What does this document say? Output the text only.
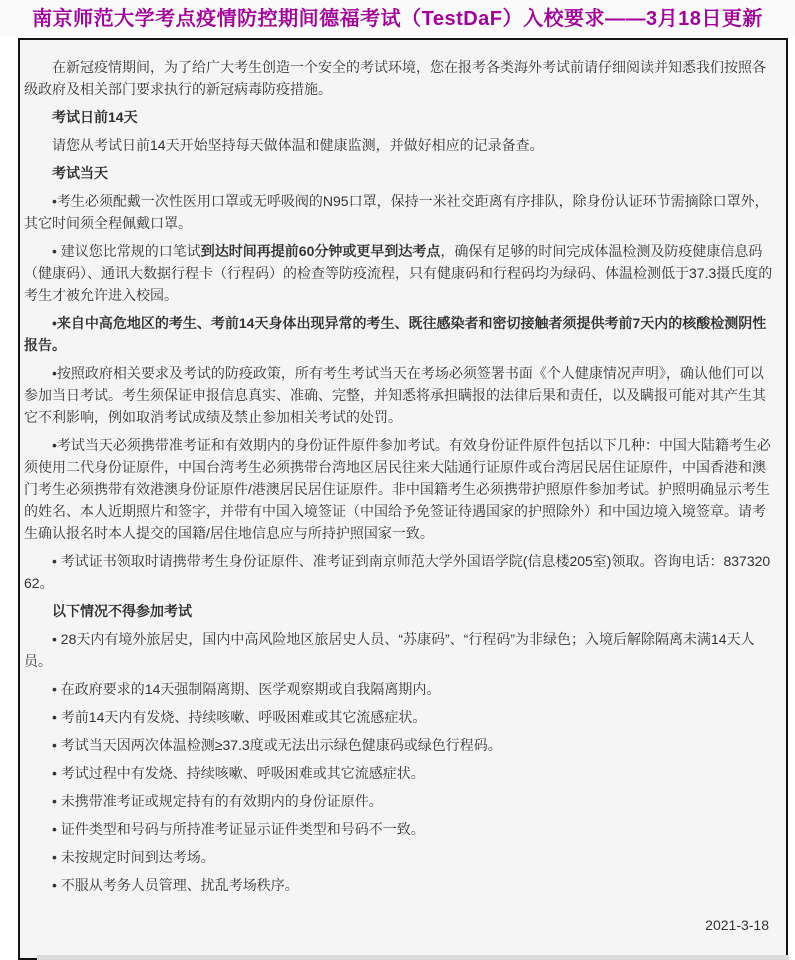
南京师范大学考点疫情防控期间德福考试（TestDaF）入校要求——3月18日更新

在新冠疫情期间，为了给广大考生创造一个安全的考试环境，您在报考各类海外考试前请仔细阅读并知悉我们按照各级政府及相关部门要求执行的新冠病毒防疫措施。

考试日前14天

请您从考试日前14天开始坚持每天做体温和健康监测，并做好相应的记录备查。

考试当天

•考生必须配戴一次性医用口罩或无呼吸阀的N95口罩，保持一米社交距离有序排队，除身份认证环节需摘除口罩外，其它时间须全程佩戴口罩。

• 建议您比常规的口笔试到达时间再提前60分钟或更早到达考点，确保有足够的时间完成体温检测及防疫健康信息码（健康码）、通讯大数据行程卡（行程码）的检查等防疫流程，只有健康码和行程码均为绿码、体温检测低于37.3摄氏度的考生才被允许进入校园。

•来自中高危地区的考生、考前14天身体出现异常的考生、既往感染者和密切接触者须提供考前7天内的核酸检测阴性报告。

•按照政府相关要求及考试的防疫政策，所有考生考试当天在考场必须签署书面《个人健康情况声明》，确认他们可以参加当日考试。考生须保证申报信息真实、准确、完整，并知悉将承担瞒报的法律后果和责任，以及瞒报可能对其产生其它不利影响，例如取消考试成绩及禁止参加相关考试的处罚。

•考试当天必须携带准考证和有效期内的身份证件原件参加考试。有效身份证件原件包括以下几种：中国大陆籍考生必须使用二代身份证原件，中国台湾考生必须携带台湾地区居民往来大陆通行证原件或台湾居民居住证原件，中国香港和澳门考生必须携带有效港澳身份证原件/港澳居民居住证原件。非中国籍考生必须携带护照原件参加考试。护照明确显示考生的姓名、本人近期照片和签字，并带有中国入境签证（中国给予免签证待遇国家的护照除外）和中国边境入境签章。请考生确认报名时本人提交的国籍/居住地信息应与所持护照国家一致。

• 考试证书领取时请携带考生身份证原件、准考证到南京师范大学外国语学院(信息楼205室)领取。咨询电话：83732062。

以下情况不得参加考试

• 28天内有境外旅居史，国内中高风险地区旅居史人员、“苏康码”、“行程码”为非绿色；入境后解除隔离未满14天人员。

• 在政府要求的14天强制隔离期、医学观察期或自我隔离期内。

• 考前14天内有发烧、持续咳嗽、呼吸困难或其它流感症状。

• 考试当天因两次体温检测≥37.3度或无法出示绿色健康码或绿色行程码。

• 考试过程中有发烧、持续咳嗽、呼吸困难或其它流感症状。

• 未携带准考证或规定持有的有效期内的身份证原件。

• 证件类型和号码与所持准考证显示证件类型和号码不一致。

• 未按规定时间到达考场。

• 不服从考务人员管理、扰乱考场秩序。

2021-3-18
